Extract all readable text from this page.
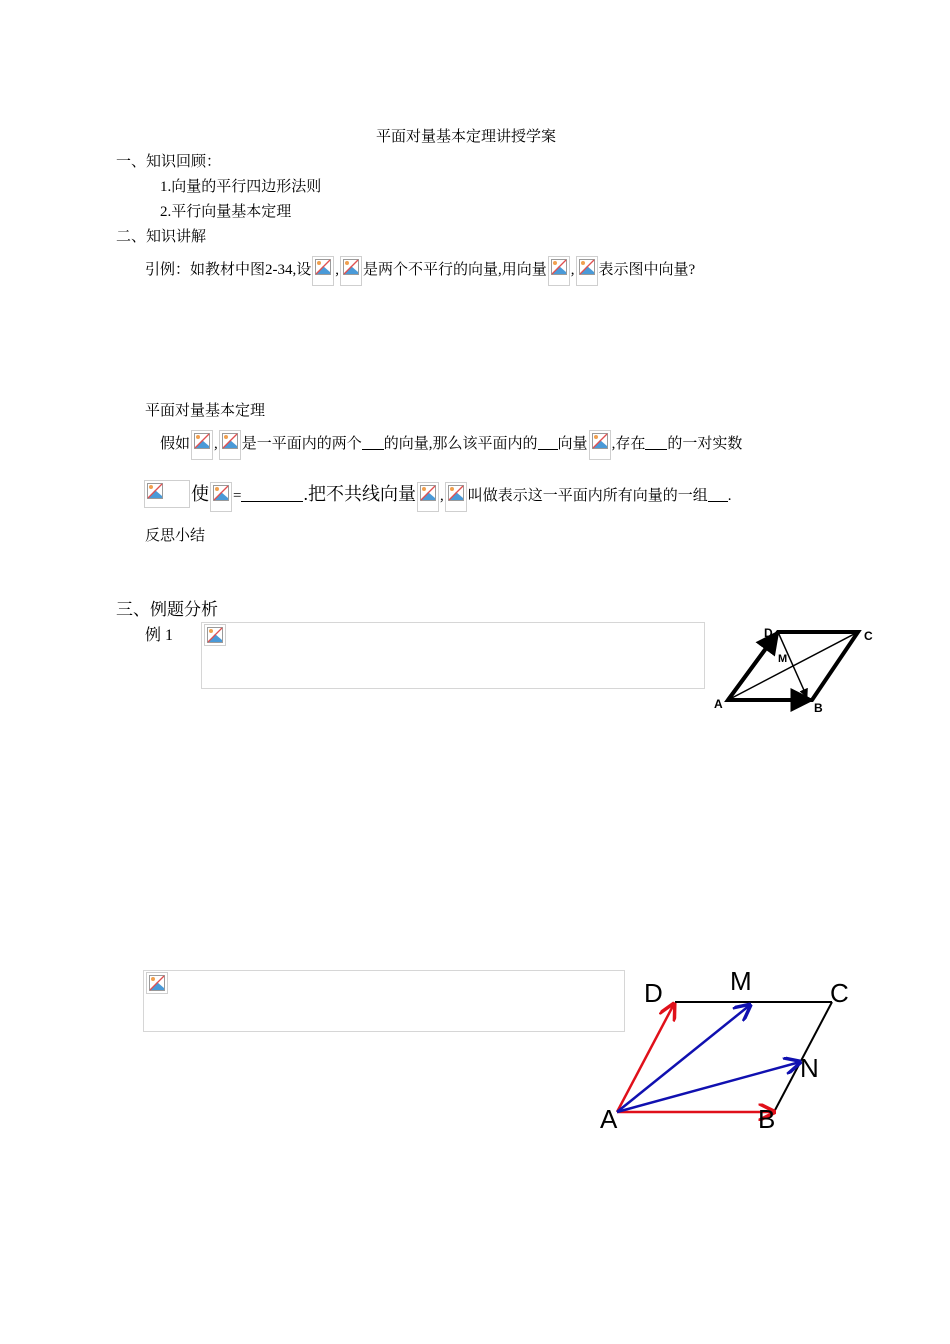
平面对量基本定理讲授学案
一、知识回顾：
1.向量的平行四边形法则
2.平行向量基本定理
二、知识讲解
引例：如教材中图2-34,设 , 是两个不平行的向量,用向量 , 表示图中向量?
平面对量基本定理
假如 , 是一平面内的两个 的向量,那么该平面内的 向量 ,存在 的一对实数
使 =	.把不共线向量 , 叫做表示这一平面内所有向量的一组 .
反思小结
三、例题分析
例 1
A	B
C
D
M
A	B
C
D	M
N
